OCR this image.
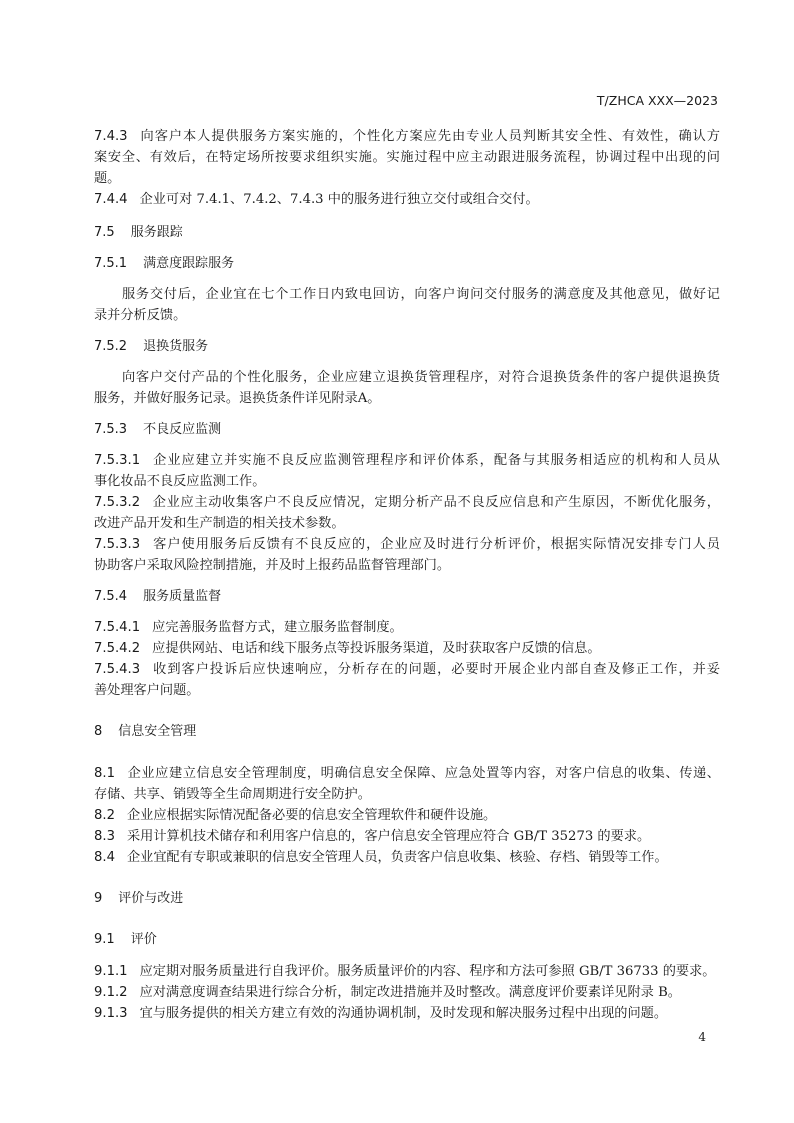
T/ZHCA XXX—2023
7.4.3 向客户本人提供服务方案实施的，个性化方案应先由专业人员判断其安全性、有效性，确认方
案安全、有效后，在特定场所按要求组织实施。实施过程中应主动跟进服务流程，协调过程中出现的问
题。
7.4.4 企业可对 7.4.1、7.4.2、7.4.3 中的服务进行独立交付或组合交付。
7.5 服务跟踪
7.5.1 满意度跟踪服务
服务交付后，企业宜在七个工作日内致电回访，向客户询问交付服务的满意度及其他意见，做好记
录并分析反馈。
7.5.2 退换货服务
向客户交付产品的个性化服务，企业应建立退换货管理程序，对符合退换货条件的客户提供退换货
服务，并做好服务记录。退换货条件详见附录A。
7.5.3 不良反应监测
7.5.3.1 企业应建立并实施不良反应监测管理程序和评价体系，配备与其服务相适应的机构和人员从
事化妆品不良反应监测工作。
7.5.3.2 企业应主动收集客户不良反应情况，定期分析产品不良反应信息和产生原因，不断优化服务，
改进产品开发和生产制造的相关技术参数。
7.5.3.3 客户使用服务后反馈有不良反应的，企业应及时进行分析评价，根据实际情况安排专门人员
协助客户采取风险控制措施，并及时上报药品监督管理部门。
7.5.4 服务质量监督
7.5.4.1 应完善服务监督方式，建立服务监督制度。
7.5.4.2 应提供网站、电话和线下服务点等投诉服务渠道，及时获取客户反馈的信息。
7.5.4.3 收到客户投诉后应快速响应，分析存在的问题，必要时开展企业内部自查及修正工作，并妥
善处理客户问题。
8 信息安全管理
8.1 企业应建立信息安全管理制度，明确信息安全保障、应急处置等内容，对客户信息的收集、传递、
存储、共享、销毁等全生命周期进行安全防护。
8.2 企业应根据实际情况配备必要的信息安全管理软件和硬件设施。
8.3 采用计算机技术储存和利用客户信息的，客户信息安全管理应符合 GB/T 35273 的要求。
8.4 企业宜配有专职或兼职的信息安全管理人员，负责客户信息收集、核验、存档、销毁等工作。
9 评价与改进
9.1 评价
9.1.1 应定期对服务质量进行自我评价。服务质量评价的内容、程序和方法可参照 GB/T 36733 的要求。
9.1.2 应对满意度调查结果进行综合分析，制定改进措施并及时整改。满意度评价要素详见附录 B。
9.1.3 宜与服务提供的相关方建立有效的沟通协调机制，及时发现和解决服务过程中出现的问题。
4
